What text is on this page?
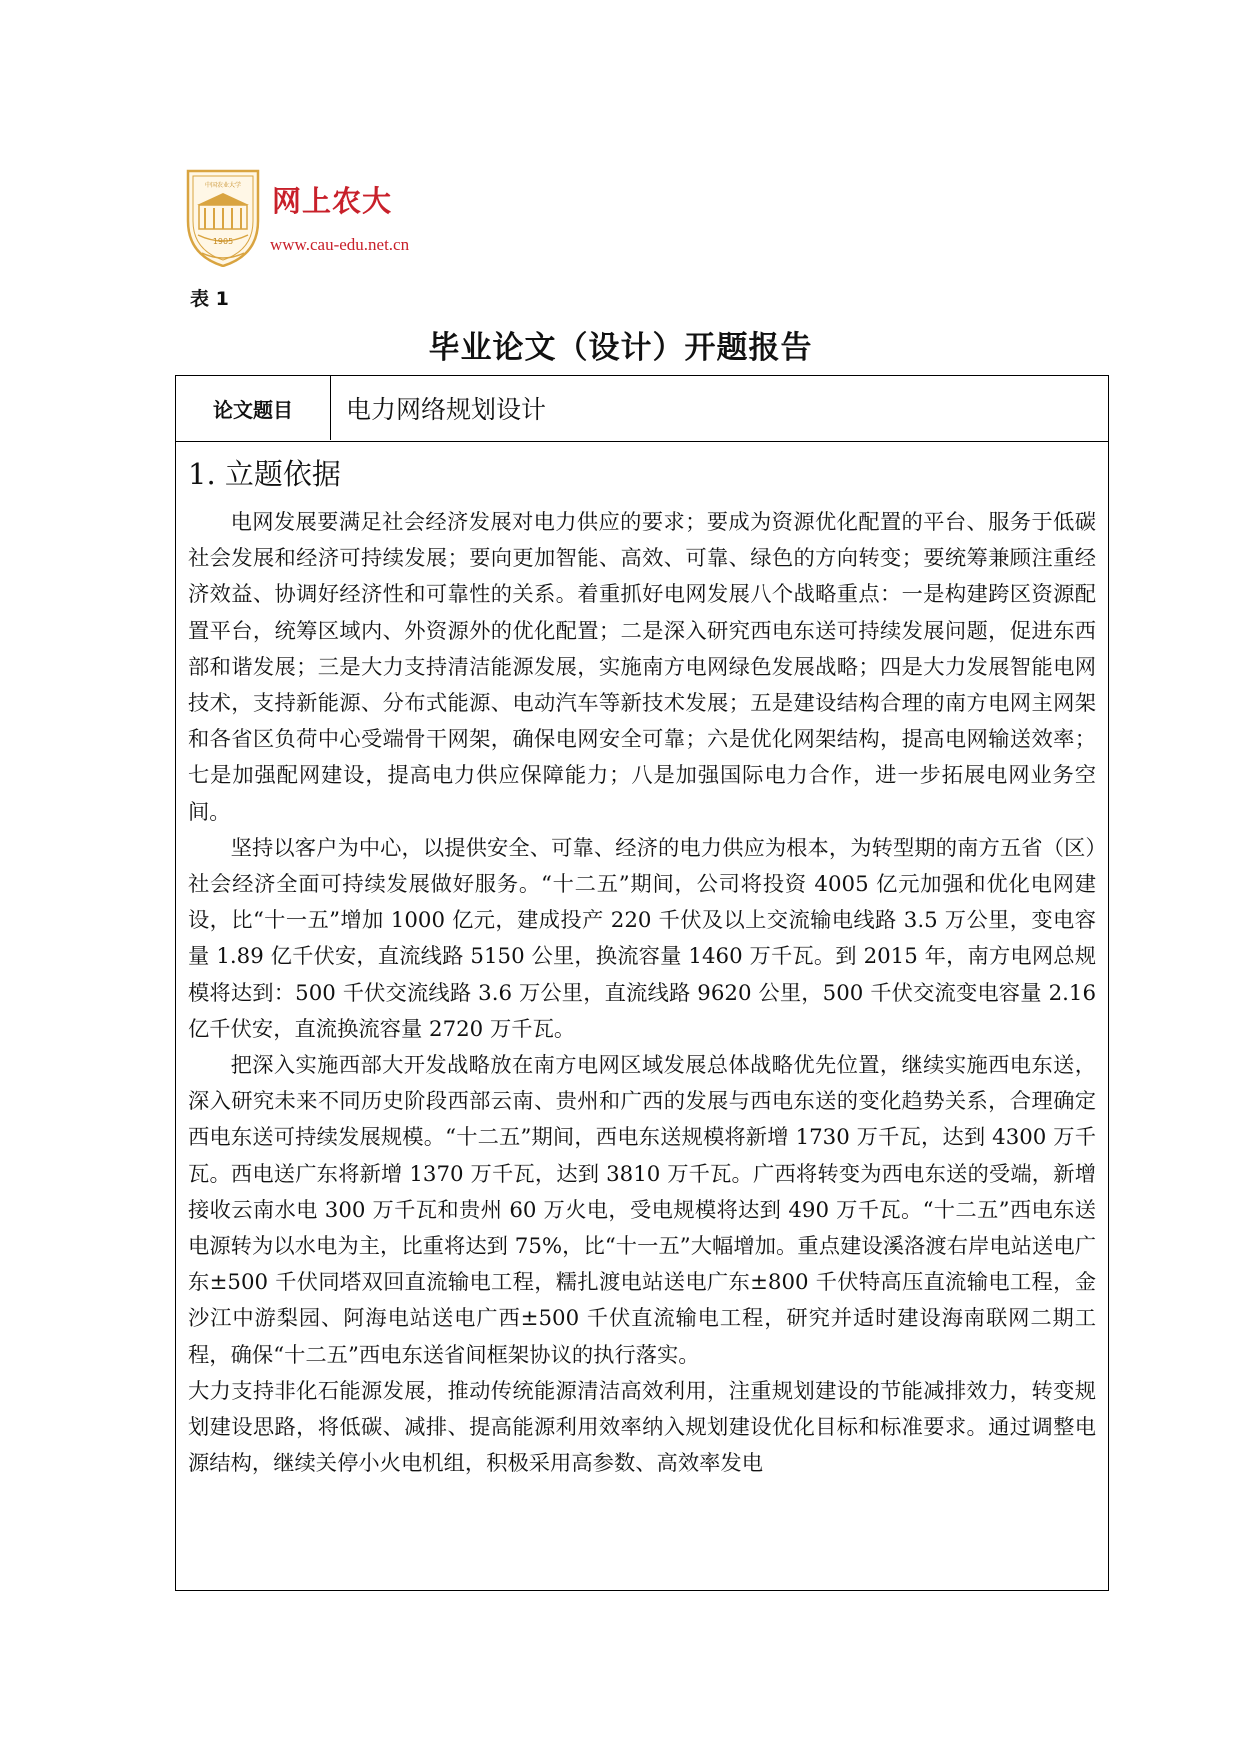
1905
中国农业大学 网上农大
www.cau-edu.net.cn
表 1
毕业论文（设计）开题报告
论文题目	电力网络规划设计
1. 立题依据

电网发展要满足社会经济发展对电力供应的要求；要成为资源优化配置的平台、服务于低碳社会发展和经济可持续发展；要向更加智能、高效、可靠、绿色的方向转变；要统筹兼顾注重经济效益、协调好经济性和可靠性的关系。着重抓好电网发展八个战略重点：一是构建跨区资源配置平台，统筹区域内、外资源外的优化配置；二是深入研究西电东送可持续发展问题，促进东西部和谐发展；三是大力支持清洁能源发展，实施南方电网绿色发展战略；四是大力发展智能电网技术，支持新能源、分布式能源、电动汽车等新技术发展；五是建设结构合理的南方电网主网架和各省区负荷中心受端骨干网架，确保电网安全可靠；六是优化网架结构，提高电网输送效率；七是加强配网建设，提高电力供应保障能力；八是加强国际电力合作，进一步拓展电网业务空间。

坚持以客户为中心，以提供安全、可靠、经济的电力供应为根本，为转型期的南方五省（区）社会经济全面可持续发展做好服务。“十二五”期间，公司将投资 4005 亿元加强和优化电网建设，比“十一五”增加 1000 亿元，建成投产 220 千伏及以上交流输电线路 3.5 万公里，变电容量 1.89 亿千伏安，直流线路 5150 公里，换流容量 1460 万千瓦。到 2015 年，南方电网总规模将达到：500 千伏交流线路 3.6 万公里，直流线路 9620 公里，500 千伏交流变电容量 2.16 亿千伏安，直流换流容量 2720 万千瓦。

把深入实施西部大开发战略放在南方电网区域发展总体战略优先位置，继续实施西电东送，深入研究未来不同历史阶段西部云南、贵州和广西的发展与西电东送的变化趋势关系，合理确定西电东送可持续发展规模。“十二五”期间，西电东送规模将新增 1730 万千瓦，达到 4300 万千瓦。西电送广东将新增 1370 万千瓦，达到 3810 万千瓦。广西将转变为西电东送的受端，新增接收云南水电 300 万千瓦和贵州 60 万火电，受电规模将达到 490 万千瓦。“十二五”西电东送电源转为以水电为主，比重将达到 75%，比“十一五”大幅增加。重点建设溪洛渡右岸电站送电广东±500 千伏同塔双回直流输电工程，糯扎渡电站送电广东±800 千伏特高压直流输电工程，金沙江中游梨园、阿海电站送电广西±500 千伏直流输电工程，研究并适时建设海南联网二期工程，确保“十二五”西电东送省间框架协议的执行落实。

大力支持非化石能源发展，推动传统能源清洁高效利用，注重规划建设的节能减排效力，转变规划建设思路，将低碳、减排、提高能源利用效率纳入规划建设优化目标和标准要求。通过调整电源结构，继续关停小火电机组，积极采用高参数、高效率发电
